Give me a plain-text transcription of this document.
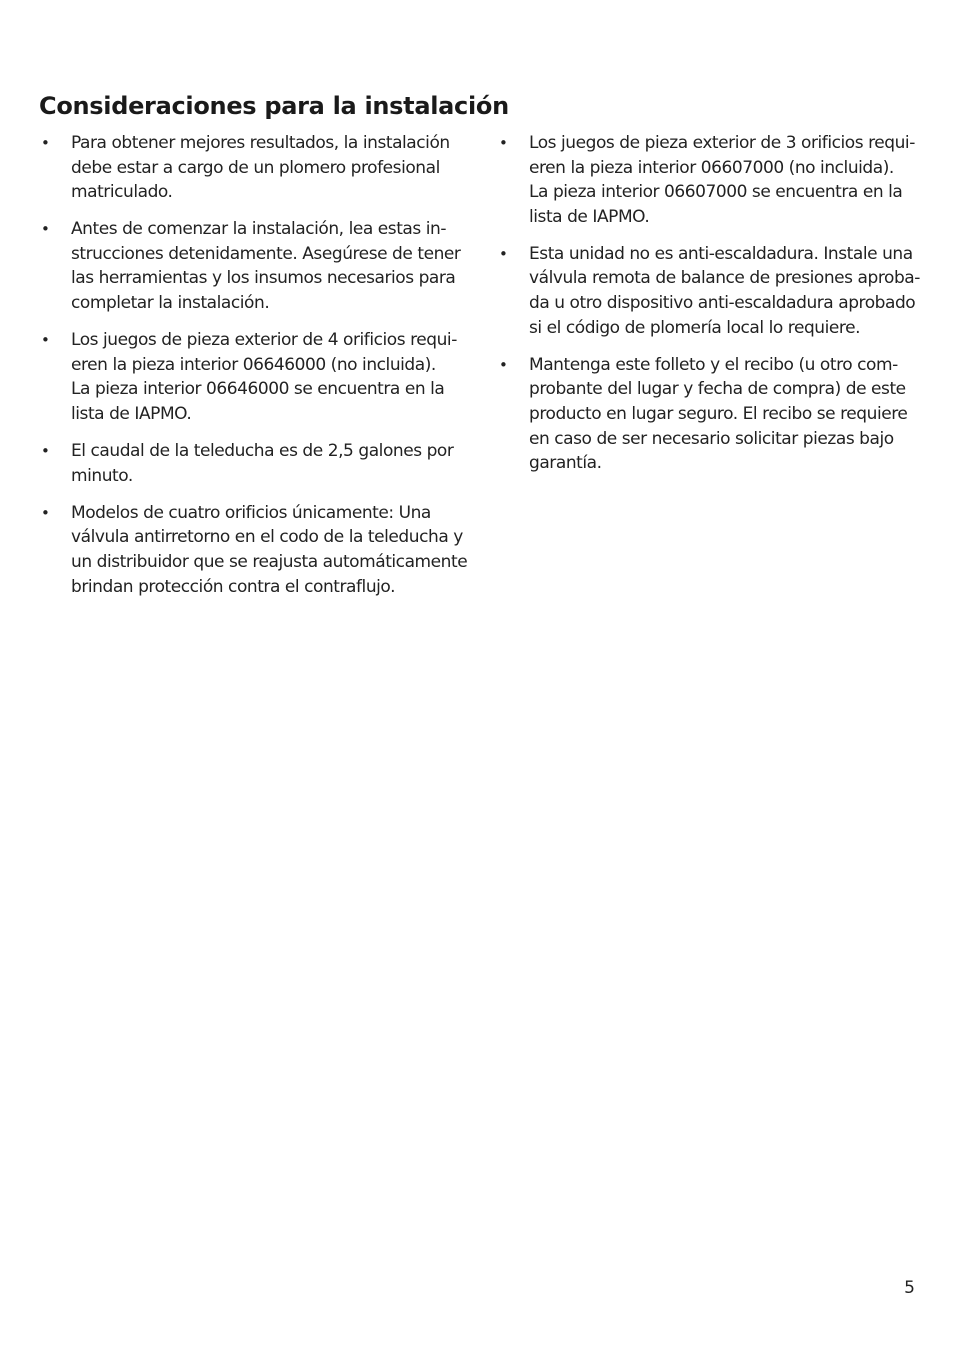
Consideraciones para la instalación
• Para obtener mejores resultados, la instalación
debe estar a cargo de un plomero profesional
matriculado.
• Antes de comenzar la instalación, lea estas in-
strucciones detenidamente. Asegúrese de tener
las herramientas y los insumos necesarios para
completar la instalación.
• Los juegos de pieza exterior de 4 orificios requi-
eren la pieza interior 06646000 (no incluida).
La pieza interior 06646000 se encuentra en la
lista de IAPMO.
• El caudal de la teleducha es de 2,5 galones por
minuto.
• Modelos de cuatro orificios únicamente: Una
válvula antirretorno en el codo de la teleducha y
un distribuidor que se reajusta automáticamente
brindan protección contra el contraflujo.
• Los juegos de pieza exterior de 3 orificios requi-
eren la pieza interior 06607000 (no incluida).
La pieza interior 06607000 se encuentra en la
lista de IAPMO.
• Esta unidad no es anti-escaldadura. Instale una
válvula remota de balance de presiones aproba-
da u otro dispositivo anti-escaldadura aprobado
si el código de plomería local lo requiere.
• Mantenga este folleto y el recibo (u otro com-
probante del lugar y fecha de compra) de este
producto en lugar seguro. El recibo se requiere
en caso de ser necesario solicitar piezas bajo
garantía.
5
